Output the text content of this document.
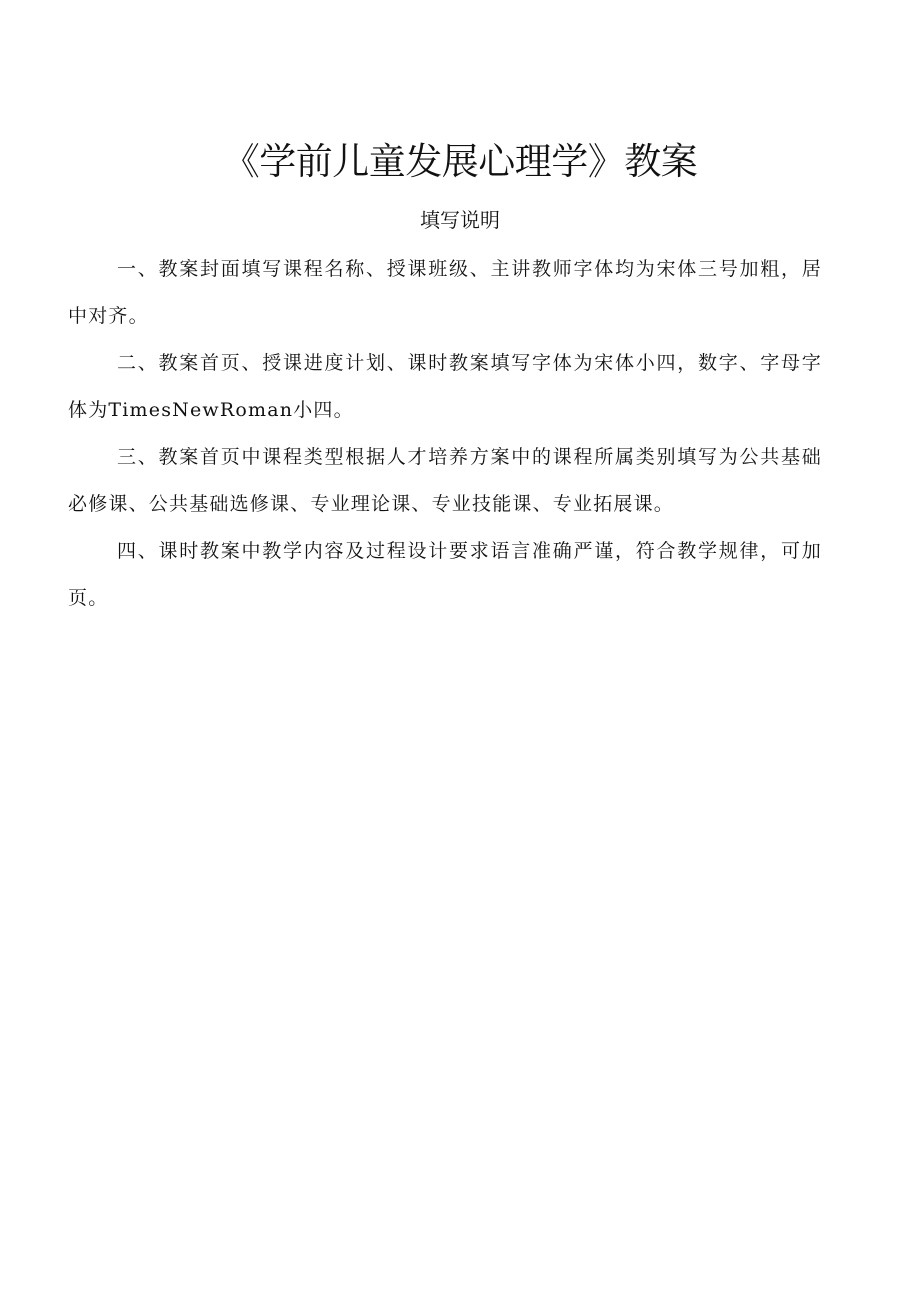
《学前儿童发展心理学》教案
填写说明

一、教案封面填写课程名称、授课班级、主讲教师字体均为宋体三号加粗，居中对齐。

二、教案首页、授课进度计划、课时教案填写字体为宋体小四，数字、字母字体为TimesNewRoman小四。

三、教案首页中课程类型根据人才培养方案中的课程所属类别填写为公共基础必修课、公共基础选修课、专业理论课、专业技能课、专业拓展课。

四、课时教案中教学内容及过程设计要求语言准确严谨，符合教学规律，可加页。
